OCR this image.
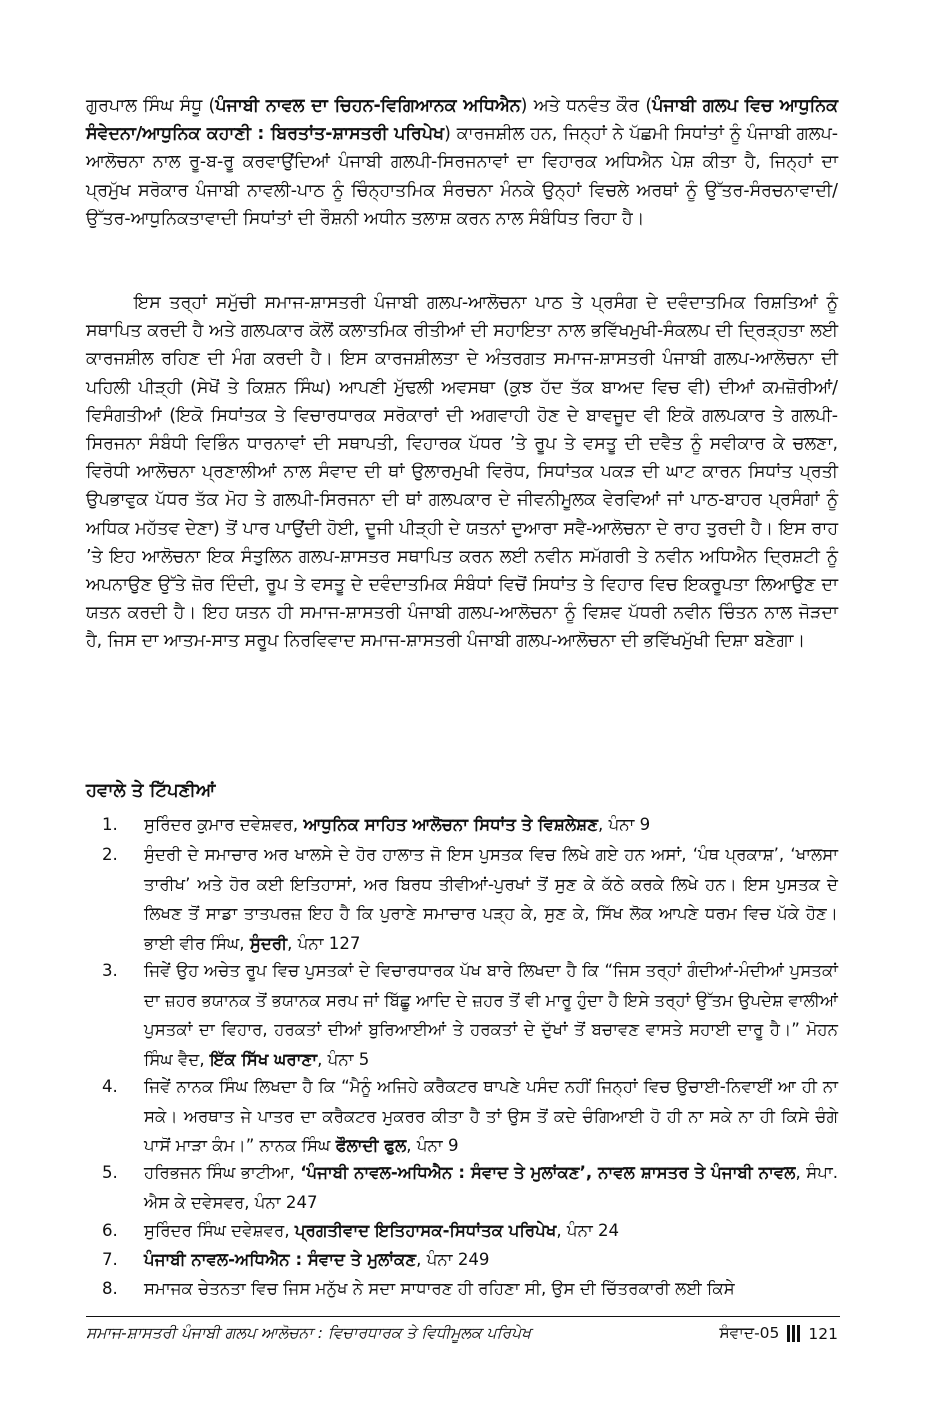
ਗੁਰਪਾਲ ਸਿੰਘ ਸੰਧੂ (ਪੰਜਾਬੀ ਨਾਵਲ ਦਾ ਚਿਹਨ-ਵਿਗਿਆਨਕ ਅਧਿਐਨ) ਅਤੇ ਧਨਵੰਤ ਕੌਰ (ਪੰਜਾਬੀ ਗਲਪ ਵਿਚ ਆਧੁਨਿਕ ਸੰਵੇਦਨਾ/ਆਧੁਨਿਕ ਕਹਾਣੀ : ਬਿਰਤਾਂਤ-ਸ਼ਾਸਤਰੀ ਪਰਿਪੇਖ) ਕਾਰਜਸ਼ੀਲ ਹਨ, ਜਿਨ੍ਹਾਂ ਨੇ ਪੱਛਮੀ ਸਿਧਾਂਤਾਂ ਨੂੰ ਪੰਜਾਬੀ ਗਲਪ-ਆਲੋਚਨਾ ਨਾਲ ਰੂ-ਬ-ਰੂ ਕਰਵਾਉਂਦਿਆਂ ਪੰਜਾਬੀ ਗਲਪੀ-ਸਿਰਜਨਾਵਾਂ ਦਾ ਵਿਹਾਰਕ ਅਧਿਐਨ ਪੇਸ਼ ਕੀਤਾ ਹੈ, ਜਿਨ੍ਹਾਂ ਦਾ ਪ੍ਰਮੁੱਖ ਸਰੋਕਾਰ ਪੰਜਾਬੀ ਨਾਵਲੀ-ਪਾਠ ਨੂੰ ਚਿੰਨ੍ਹਾਤਮਿਕ ਸੰਰਚਨਾ ਮੰਨਕੇ ਉਨ੍ਹਾਂ ਵਿਚਲੇ ਅਰਥਾਂ ਨੂੰ ਉੱਤਰ-ਸੰਰਚਨਾਵਾਦੀ/ਉੱਤਰ-ਆਧੁਨਿਕਤਾਵਾਦੀ ਸਿਧਾਂਤਾਂ ਦੀ ਰੌਸ਼ਨੀ ਅਧੀਨ ਤਲਾਸ਼ ਕਰਨ ਨਾਲ ਸੰਬੰਧਿਤ ਰਿਹਾ ਹੈ।

ਇਸ ਤਰ੍ਹਾਂ ਸਮੁੱਚੀ ਸਮਾਜ-ਸ਼ਾਸਤਰੀ ਪੰਜਾਬੀ ਗਲਪ-ਆਲੋਚਨਾ ਪਾਠ ਤੇ ਪ੍ਰਸੰਗ ਦੇ ਦਵੰਦਾਤਮਿਕ ਰਿਸ਼ਤਿਆਂ ਨੂੰ ਸਥਾਪਿਤ ਕਰਦੀ ਹੈ ਅਤੇ ਗਲਪਕਾਰ ਕੋਲੋਂ ਕਲਾਤਮਿਕ ਰੀਤੀਆਂ ਦੀ ਸਹਾਇਤਾ ਨਾਲ ਭਵਿੱਖਮੁਖੀ-ਸੰਕਲਪ ਦੀ ਦ੍ਰਿੜ੍ਹਤਾ ਲਈ ਕਾਰਜਸ਼ੀਲ ਰਹਿਣ ਦੀ ਮੰਗ ਕਰਦੀ ਹੈ। ਇਸ ਕਾਰਜਸ਼ੀਲਤਾ ਦੇ ਅੰਤਰਗਤ ਸਮਾਜ-ਸ਼ਾਸਤਰੀ ਪੰਜਾਬੀ ਗਲਪ-ਆਲੋਚਨਾ ਦੀ ਪਹਿਲੀ ਪੀੜ੍ਹੀ (ਸੇਖੋਂ ਤੇ ਕਿਸ਼ਨ ਸਿੰਘ) ਆਪਣੀ ਮੁੱਢਲੀ ਅਵਸਥਾ (ਕੁਝ ਹੱਦ ਤੱਕ ਬਾਅਦ ਵਿਚ ਵੀ) ਦੀਆਂ ਕਮਜ਼ੋਰੀਆਂ/ਵਿਸੰਗਤੀਆਂ (ਇਕੋ ਸਿਧਾਂਤਕ ਤੇ ਵਿਚਾਰਧਾਰਕ ਸਰੋਕਾਰਾਂ ਦੀ ਅਗਵਾਹੀ ਹੋਣ ਦੇ ਬਾਵਜੂਦ ਵੀ ਇਕੋ ਗਲਪਕਾਰ ਤੇ ਗਲਪੀ-ਸਿਰਜਨਾ ਸੰਬੰਧੀ ਵਿਭਿੰਨ ਧਾਰਨਾਵਾਂ ਦੀ ਸਥਾਪਤੀ, ਵਿਹਾਰਕ ਪੱਧਰ ’ਤੇ ਰੂਪ ਤੇ ਵਸਤੂ ਦੀ ਦਵੈਤ ਨੂੰ ਸਵੀਕਾਰ ਕੇ ਚਲਣਾ, ਵਿਰੋਧੀ ਆਲੋਚਨਾ ਪ੍ਰਣਾਲੀਆਂ ਨਾਲ ਸੰਵਾਦ ਦੀ ਥਾਂ ਉਲਾਰਮੁਖੀ ਵਿਰੋਧ, ਸਿਧਾਂਤਕ ਪਕੜ ਦੀ ਘਾਟ ਕਾਰਨ ਸਿਧਾਂਤ ਪ੍ਰਤੀ ਉਪਭਾਵੁਕ ਪੱਧਰ ਤੱਕ ਮੋਹ ਤੇ ਗਲਪੀ-ਸਿਰਜਨਾ ਦੀ ਥਾਂ ਗਲਪਕਾਰ ਦੇ ਜੀਵਨੀਮੂਲਕ ਵੇਰਵਿਆਂ ਜਾਂ ਪਾਠ-ਬਾਹਰ ਪ੍ਰਸੰਗਾਂ ਨੂੰ ਅਧਿਕ ਮਹੱਤਵ ਦੇਣਾ) ਤੋਂ ਪਾਰ ਪਾਉਂਦੀ ਹੋਈ, ਦੂਜੀ ਪੀੜ੍ਹੀ ਦੇ ਯਤਨਾਂ ਦੁਆਰਾ ਸਵੈ-ਆਲੋਚਨਾ ਦੇ ਰਾਹ ਤੁਰਦੀ ਹੈ। ਇਸ ਰਾਹ ’ਤੇ ਇਹ ਆਲੋਚਨਾ ਇਕ ਸੰਤੁਲਿਨ ਗਲਪ-ਸ਼ਾਸਤਰ ਸਥਾਪਿਤ ਕਰਨ ਲਈ ਨਵੀਨ ਸਮੱਗਰੀ ਤੇ ਨਵੀਨ ਅਧਿਐਨ ਦ੍ਰਿਸ਼ਟੀ ਨੂੰ ਅਪਨਾਉਣ ਉੱਤੇ ਜ਼ੋਰ ਦਿੰਦੀ, ਰੂਪ ਤੇ ਵਸਤੂ ਦੇ ਦਵੰਦਾਤਮਿਕ ਸੰਬੰਧਾਂ ਵਿਚੋਂ ਸਿਧਾਂਤ ਤੇ ਵਿਹਾਰ ਵਿਚ ਇਕਰੂਪਤਾ ਲਿਆਉਣ ਦਾ ਯਤਨ ਕਰਦੀ ਹੈ। ਇਹ ਯਤਨ ਹੀ ਸਮਾਜ-ਸ਼ਾਸਤਰੀ ਪੰਜਾਬੀ ਗਲਪ-ਆਲੋਚਨਾ ਨੂੰ ਵਿਸ਼ਵ ਪੱਧਰੀ ਨਵੀਨ ਚਿੰਤਨ ਨਾਲ ਜੋੜਦਾ ਹੈ, ਜਿਸ ਦਾ ਆਤਮ-ਸਾਤ ਸਰੂਪ ਨਿਰਵਿਵਾਦ ਸਮਾਜ-ਸ਼ਾਸਤਰੀ ਪੰਜਾਬੀ ਗਲਪ-ਆਲੋਚਨਾ ਦੀ ਭਵਿੱਖਮੁੱਖੀ ਦਿਸ਼ਾ ਬਣੇਗਾ।

ਹਵਾਲੇ ਤੇ ਟਿੱਪਣੀਆਂ
1. ਸੁਰਿੰਦਰ ਕੁਮਾਰ ਦਵੇਸ਼ਵਰ, ਆਧੁਨਿਕ ਸਾਹਿਤ ਆਲੋਚਨਾ ਸਿਧਾਂਤ ਤੇ ਵਿਸ਼ਲੇਸ਼ਣ, ਪੰਨਾ 9
2. ਸੁੰਦਰੀ ਦੇ ਸਮਾਚਾਰ ਅਰ ਖਾਲਸੇ ਦੇ ਹੋਰ ਹਾਲਾਤ ਜੋ ਇਸ ਪੁਸਤਕ ਵਿਚ ਲਿਖੇ ਗਏ ਹਨ ਅਸਾਂ, ‘ਪੰਥ ਪ੍ਰਕਾਸ਼’, ‘ਖਾਲਸਾ ਤਾਰੀਖ’ ਅਤੇ ਹੋਰ ਕਈ ਇਤਿਹਾਸਾਂ, ਅਰ ਬਿਰਧ ਤੀਵੀਆਂ-ਪੁਰਖਾਂ ਤੋਂ ਸੁਣ ਕੇ ਕੱਠੇ ਕਰਕੇ ਲਿਖੇ ਹਨ। ਇਸ ਪੁਸਤਕ ਦੇ ਲਿਖਣ ਤੋਂ ਸਾਡਾ ਤਾਤਪਰਜ਼ ਇਹ ਹੈ ਕਿ ਪੁਰਾਣੇ ਸਮਾਚਾਰ ਪੜ੍ਹ ਕੇ, ਸੁਣ ਕੇ, ਸਿੱਖ ਲੋਕ ਆਪਣੇ ਧਰਮ ਵਿਚ ਪੱਕੇ ਹੋਣ। ਭਾਈ ਵੀਰ ਸਿੰਘ, ਸੁੰਦਰੀ, ਪੰਨਾ 127
3. ਜਿਵੇਂ ਉਹ ਅਚੇਤ ਰੂਪ ਵਿਚ ਪੁਸਤਕਾਂ ਦੇ ਵਿਚਾਰਧਾਰਕ ਪੱਖ ਬਾਰੇ ਲਿਖਦਾ ਹੈ ਕਿ “ਜਿਸ ਤਰ੍ਹਾਂ ਗੰਦੀਆਂ-ਮੰਦੀਆਂ ਪੁਸਤਕਾਂ ਦਾ ਜ਼ਹਰ ਭਯਾਨਕ ਤੋਂ ਭਯਾਨਕ ਸਰਪ ਜਾਂ ਬਿੱਛੂ ਆਦਿ ਦੇ ਜ਼ਹਰ ਤੋਂ ਵੀ ਮਾਰੂ ਹੁੰਦਾ ਹੈ ਇਸੇ ਤਰ੍ਹਾਂ ਉੱਤਮ ਉਪਦੇਸ਼ ਵਾਲੀਆਂ ਪੁਸਤਕਾਂ ਦਾ ਵਿਹਾਰ, ਹਰਕਤਾਂ ਦੀਆਂ ਬੁਰਿਆਈਆਂ ਤੇ ਹਰਕਤਾਂ ਦੇ ਦੁੱਖਾਂ ਤੋਂ ਬਚਾਵਣ ਵਾਸਤੇ ਸਹਾਈ ਦਾਰੂ ਹੈ।” ਮੋਹਨ ਸਿੰਘ ਵੈਦ, ਇੱਕ ਸਿੱਖ ਘਰਾਣਾ, ਪੰਨਾ 5
4. ਜਿਵੇਂ ਨਾਨਕ ਸਿੰਘ ਲਿਖਦਾ ਹੈ ਕਿ “ਮੈਨੂੰ ਅਜਿਹੇ ਕਰੈਕਟਰ ਥਾਪਣੇ ਪਸੰਦ ਨਹੀਂ ਜਿਨ੍ਹਾਂ ਵਿਚ ਉਚਾਈ-ਨਿਵਾਈਂ ਆ ਹੀ ਨਾ ਸਕੇ। ਅਰਥਾਤ ਜੇ ਪਾਤਰ ਦਾ ਕਰੈਕਟਰ ਮੁਕਰਰ ਕੀਤਾ ਹੈ ਤਾਂ ਉਸ ਤੋਂ ਕਦੇ ਚੰਗਿਆਈ ਹੋ ਹੀ ਨਾ ਸਕੇ ਨਾ ਹੀ ਕਿਸੇ ਚੰਗੇ ਪਾਸੋਂ ਮਾੜਾ ਕੰਮ।” ਨਾਨਕ ਸਿੰਘ ਫੌਲਾਦੀ ਫੁਲ, ਪੰਨਾ 9
5. ਹਰਿਭਜਨ ਸਿੰਘ ਭਾਟੀਆ, ‘ਪੰਜਾਬੀ ਨਾਵਲ-ਅਧਿਐਨ : ਸੰਵਾਦ ਤੇ ਮੁਲਾਂਕਣ’, ਨਾਵਲ ਸ਼ਾਸਤਰ ਤੇ ਪੰਜਾਬੀ ਨਾਵਲ, ਸੰਪਾ. ਐਸ ਕੇ ਦਵੇਸਵਰ, ਪੰਨਾ 247
6. ਸੁਰਿੰਦਰ ਸਿੰਘ ਦਵੇਸ਼ਵਰ, ਪ੍ਰਗਤੀਵਾਦ ਇਤਿਹਾਸਕ-ਸਿਧਾਂਤਕ ਪਰਿਪੇਖ, ਪੰਨਾ 24
7. ਪੰਜਾਬੀ ਨਾਵਲ-ਅਧਿਐਨ : ਸੰਵਾਦ ਤੇ ਮੁਲਾਂਕਣ, ਪੰਨਾ 249
8. ਸਮਾਜਕ ਚੇਤਨਤਾ ਵਿਚ ਜਿਸ ਮਨੁੱਖ ਨੇ ਸਦਾ ਸਾਧਾਰਣ ਹੀ ਰਹਿਣਾ ਸੀ, ਉਸ ਦੀ ਚਿੱਤਰਕਾਰੀ ਲਈ ਕਿਸੇ
ਸਮਾਜ-ਸ਼ਾਸਤਰੀ ਪੰਜਾਬੀ ਗਲਪ ਆਲੋਚਨਾ : ਵਿਚਾਰਧਾਰਕ ਤੇ ਵਿਧੀਮੂਲਕ ਪਰਿਪੇਖ	ਸੰਵਾਦ-05 121
